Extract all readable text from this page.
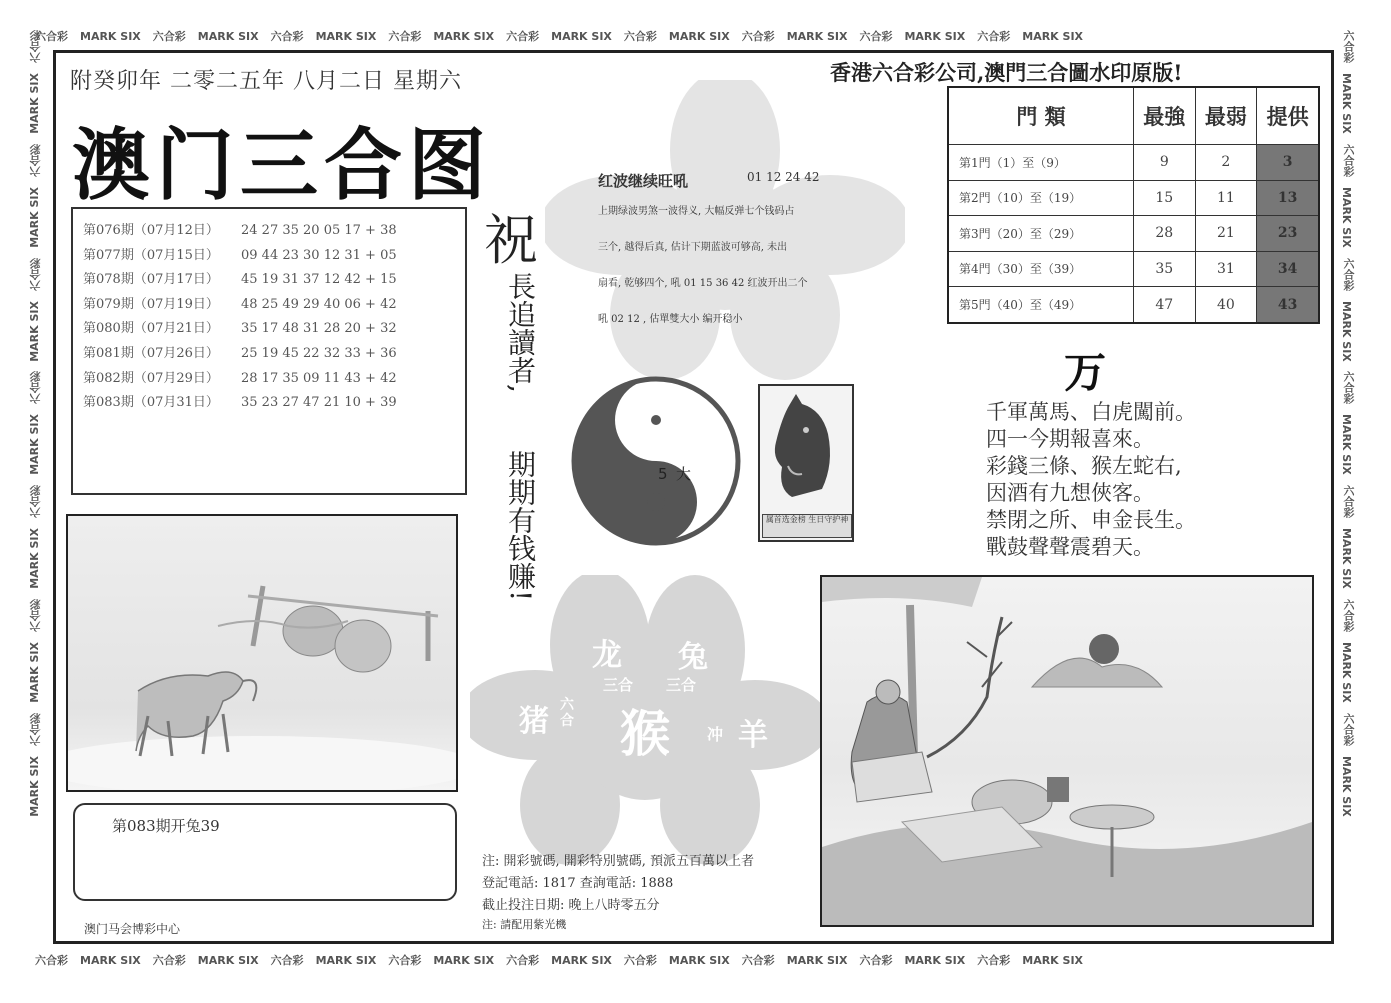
六合彩 MARK SIX 六合彩 MARK SIX 六合彩 MARK SIX 六合彩 MARK SIX 六合彩 MARK SIX 六合彩 MARK SIX 六合彩 MARK SIX 六合彩 MARK SIX 六合彩 MARK SIX
六合彩 MARK SIX 六合彩 MARK SIX 六合彩 MARK SIX 六合彩 MARK SIX 六合彩 MARK SIX 六合彩 MARK SIX 六合彩 MARK SIX 六合彩 MARK SIX 六合彩 MARK SIX
六合彩
MARK SIX
六合彩
MARK SIX
六合彩
MARK SIX
六合彩
MARK SIX
六合彩
MARK SIX
六合彩
MARK SIX
六合彩
MARK SIX
六合彩
MARK SIX
六合彩
MARK SIX
六合彩
MARK SIX
六合彩
MARK SIX
六合彩
MARK SIX
六合彩
MARK SIX
六合彩
MARK SIX
附癸卯年 二零二五年 八月二日 星期六
澳门三合图
香港六合彩公司,澳門三合圖水印原版!
第076期（07月12日） 24 27 35 20 05 17 + 38
第077期（07月15日） 09 44 23 30 12 31 + 05
第078期（07月17日） 45 19 31 37 12 42 + 15
第079期（07月19日） 48 25 49 29 40 06 + 42
第080期（07月21日） 35 17 48 31 28 20 + 32
第081期（07月26日） 25 19 45 22 32 33 + 36
第082期（07月29日） 28 17 35 09 11 43 + 42
第083期（07月31日） 35 23 27 47 21 10 + 39
第083期开兔39
澳门马会博彩中心
祝
長追讀者,
期期有钱赚!
红波继续旺吼	01 12 24 42
上期绿波男煞一波得义, 大幅反弹七个钱码占
三个, 越得后真, 估计下期蓝波可够高, 未出
扇看, 乾够四个, 吼 01 15 36 42 红波开出二个
吼 02 12 , 估單雙大小 编开稳小
1
5 大
属首选金榜 生日守护神
龙 兔
三合 三合
猪 六合 猴 冲 羊
門 類	最強	最弱	提供
第1門（1）至（9）	9	2	3
第2門（10）至（19）	15	11	13
第3門（20）至（29）	28	21	23
第4門（30）至（39）	35	31	34
第5門（40）至（49）	47	40	43
万
千軍萬馬、白虎闖前。
四一今期報喜來。
彩錢三條、猴左蛇右,
因酒有九想俠客。
禁閉之所、申金長生。
戰鼓聲聲震碧天。
注: 開彩號碼, 開彩特別號碼, 預派五百萬以上者
登記電話: 1817 查詢電話: 1888
截止投注日期: 晚上八時零五分
注: 請配用紫光機
